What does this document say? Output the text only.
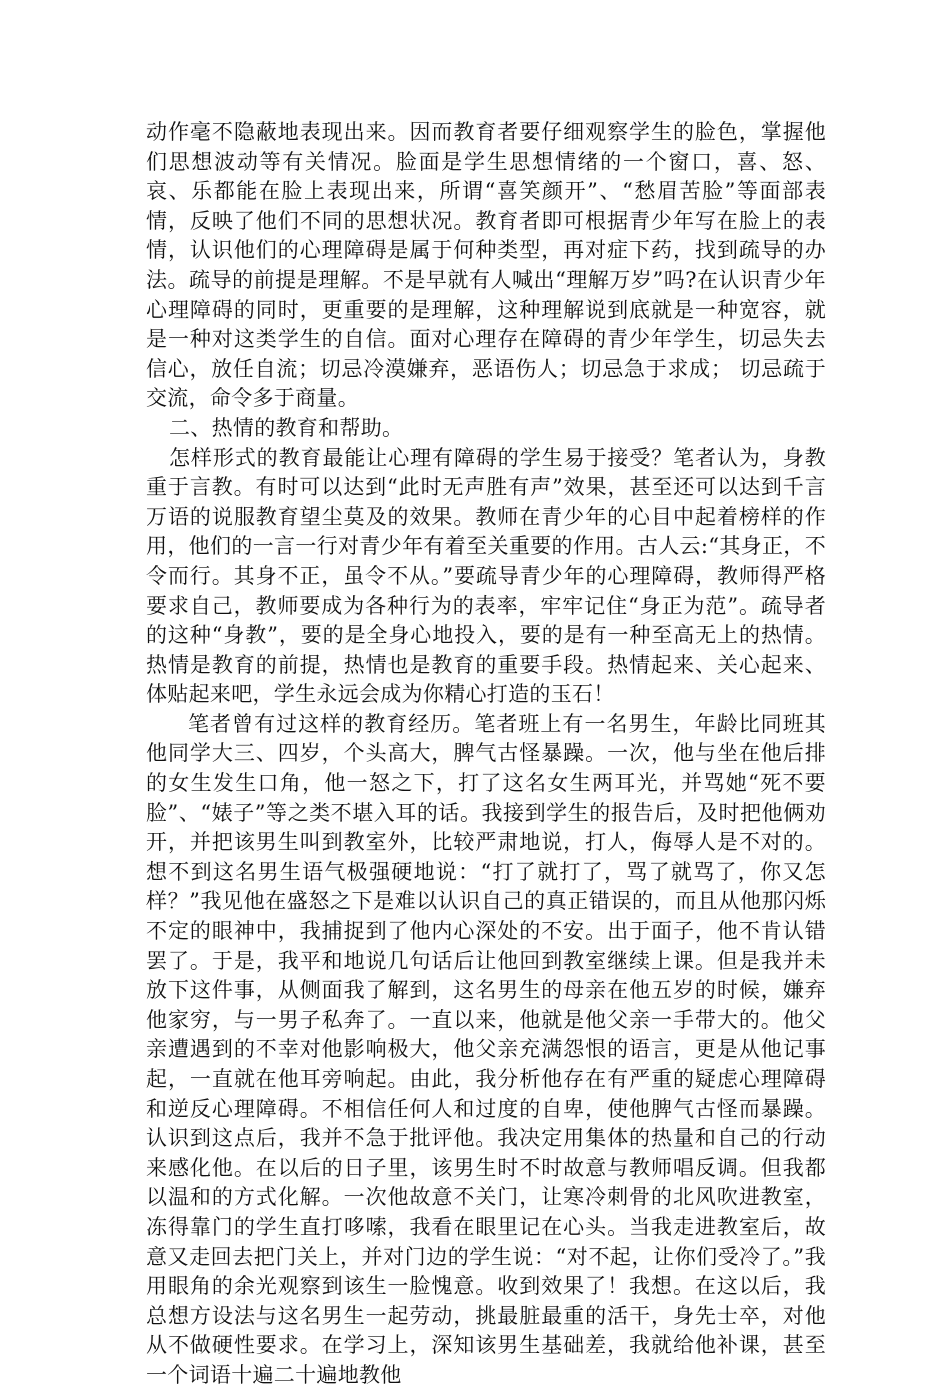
动作毫不隐蔽地表现出来。因而教育者要仔细观察学生的脸色，掌握他们思想波动等有关情况。脸面是学生思想情绪的一个窗口，喜、怒、哀、乐都能在脸上表现出来，所谓“喜笑颜开”、“愁眉苦脸”等面部表情，反映了他们不同的思想状况。教育者即可根据青少年写在脸上的表情，认识他们的心理障碍是属于何种类型，再对症下药，找到疏导的办法。疏导的前提是理解。不是早就有人喊出“理解万岁”吗?在认识青少年心理障碍的同时，更重要的是理解，这种理解说到底就是一种宽容，就是一种对这类学生的自信。面对心理存在障碍的青少年学生，切忌失去信心，放任自流；切忌冷漠嫌弃，恶语伤人；切忌急于求成； 切忌疏于交流，命令多于商量。

二、热情的教育和帮助。

怎样形式的教育最能让心理有障碍的学生易于接受？笔者认为，身教重于言教。有时可以达到“此时无声胜有声”效果，甚至还可以达到千言万语的说服教育望尘莫及的效果。教师在青少年的心目中起着榜样的作用，他们的一言一行对青少年有着至关重要的作用。古人云:“其身正，不令而行。其身不正，虽令不从。”要疏导青少年的心理障碍，教师得严格要求自己，教师要成为各种行为的表率，牢牢记住“身正为范”。疏导者的这种“身教”，要的是全身心地投入，要的是有一种至高无上的热情。热情是教育的前提，热情也是教育的重要手段。热情起来、关心起来、体贴起来吧，学生永远会成为你精心打造的玉石！

笔者曾有过这样的教育经历。笔者班上有一名男生，年龄比同班其他同学大三、四岁，个头高大，脾气古怪暴躁。一次，他与坐在他后排的女生发生口角，他一怒之下，打了这名女生两耳光，并骂她“死不要脸”、“婊子”等之类不堪入耳的话。我接到学生的报告后，及时把他俩劝开，并把该男生叫到教室外，比较严肃地说，打人，侮辱人是不对的。想不到这名男生语气极强硬地说：“打了就打了，骂了就骂了，你又怎样？”我见他在盛怒之下是难以认识自己的真正错误的，而且从他那闪烁不定的眼神中，我捕捉到了他内心深处的不安。出于面子，他不肯认错罢了。于是，我平和地说几句话后让他回到教室继续上课。但是我并未放下这件事，从侧面我了解到，这名男生的母亲在他五岁的时候，嫌弃他家穷，与一男子私奔了。一直以来，他就是他父亲一手带大的。他父亲遭遇到的不幸对他影响极大，他父亲充满怨恨的语言，更是从他记事起，一直就在他耳旁响起。由此，我分析他存在有严重的疑虑心理障碍和逆反心理障碍。不相信任何人和过度的自卑，使他脾气古怪而暴躁。认识到这点后，我并不急于批评他。我决定用集体的热量和自己的行动来感化他。在以后的日子里，该男生时不时故意与教师唱反调。但我都以温和的方式化解。一次他故意不关门，让寒冷刺骨的北风吹进教室，冻得靠门的学生直打哆嗦，我看在眼里记在心头。当我走进教室后，故意又走回去把门关上，并对门边的学生说：“对不起，让你们受冷了。”我用眼角的余光观察到该生一脸愧意。收到效果了！我想。在这以后，我总想方设法与这名男生一起劳动，挑最脏最重的活干，身先士卒，对他从不做硬性要求。在学习上，深知该男生基础差，我就给他补课，甚至一个词语十遍二十遍地教他
